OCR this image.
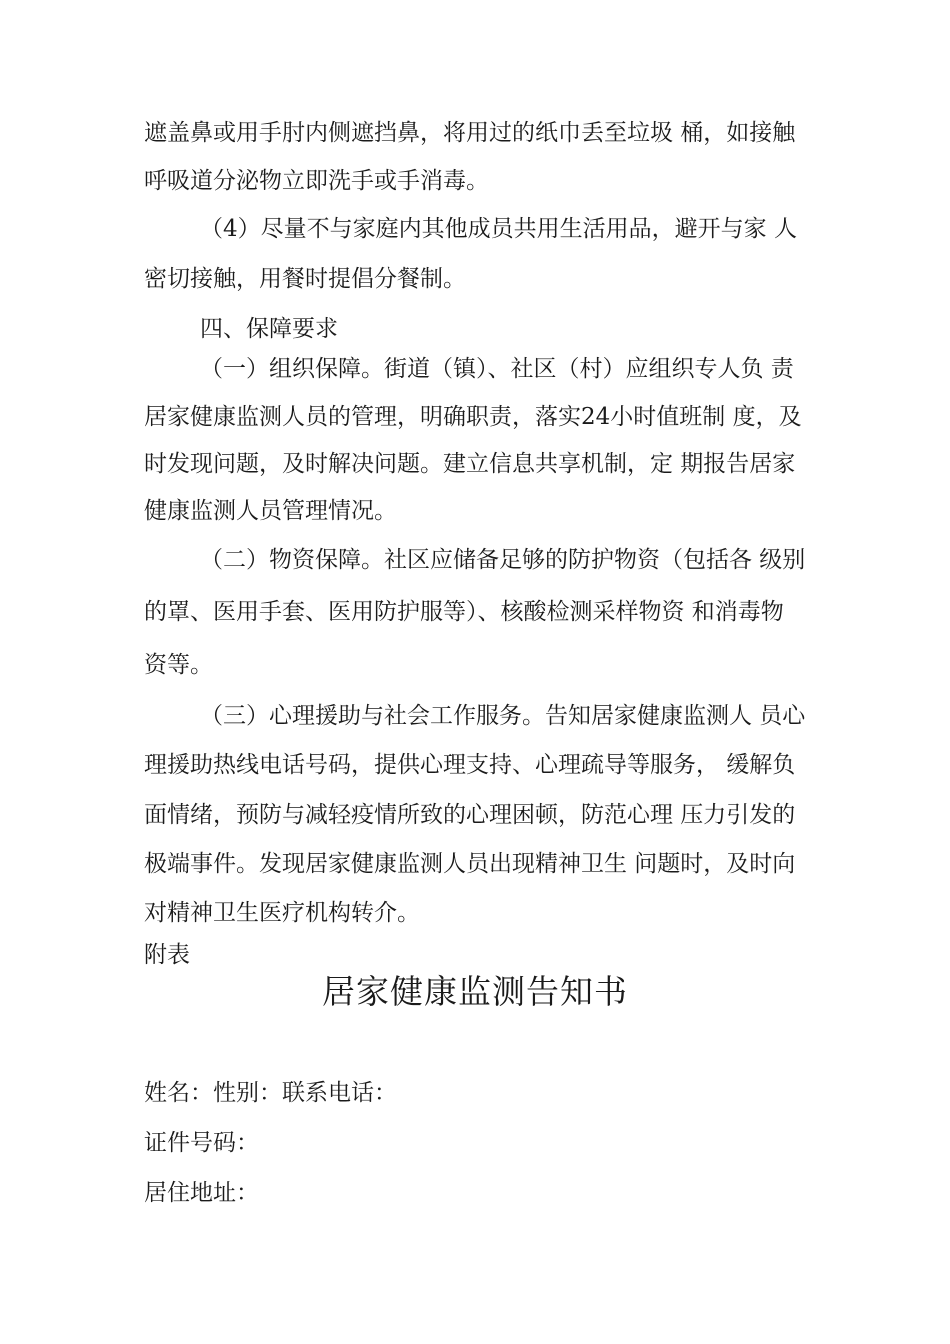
遮盖鼻或用手肘内侧遮挡鼻，将用过的纸巾丢至垃圾 桶，如接触
呼吸道分泌物立即洗手或手消毒。
（4）尽量不与家庭内其他成员共用生活用品，避开与家 人
密切接触，用餐时提倡分餐制。
四、保障要求
（一）组织保障。街道（镇）、社区（村）应组织专人负 责
居家健康监测人员的管理，明确职责，落实24小时值班制 度，及
时发现问题，及时解决问题。建立信息共享机制，定 期报告居家
健康监测人员管理情况。
（二）物资保障。社区应储备足够的防护物资（包括各 级别
的罩、医用手套、医用防护服等）、核酸检测采样物资 和消毒物
资等。
（三）心理援助与社会工作服务。告知居家健康监测人 员心
理援助热线电话号码，提供心理支持、心理疏导等服务， 缓解负
面情绪，预防与减轻疫情所致的心理困顿，防范心理 压力引发的
极端事件。发现居家健康监测人员出现精神卫生 问题时，及时向
对精神卫生医疗机构转介。
附表
居家健康监测告知书
姓名：性别：联系电话：
证件号码：
居住地址：
